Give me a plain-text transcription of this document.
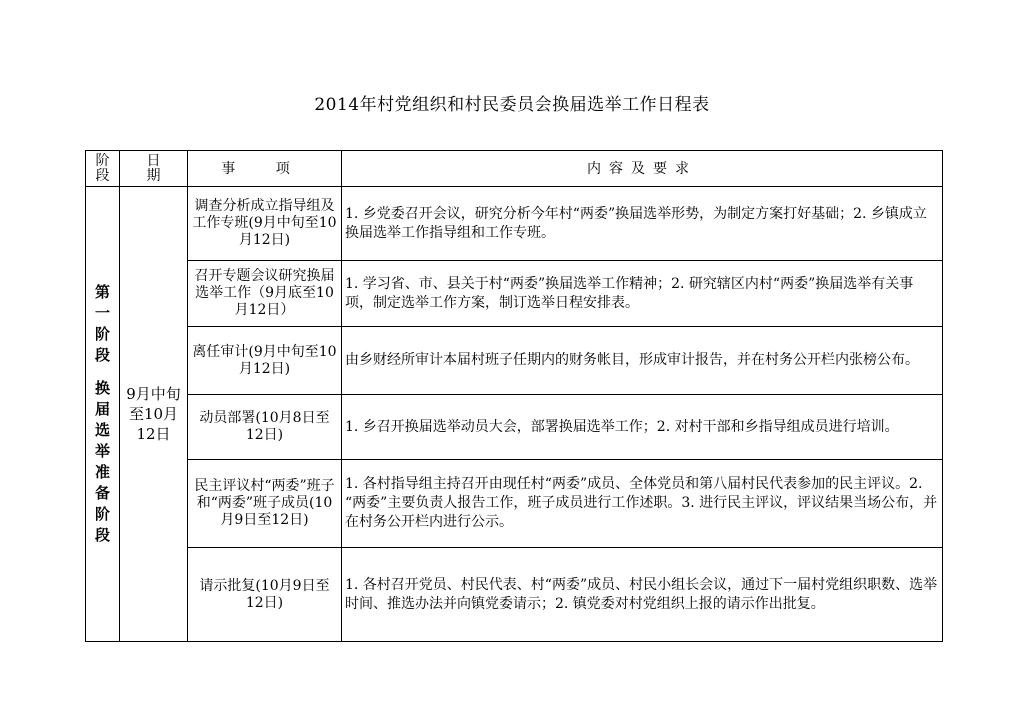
2014年村党组织和村民委员会换届选举工作日程表
阶段	日期	事 项	内容及要求

第一阶段
换届选举准备阶段	9月中旬至10月12日	调查分析成立指导组及工作专班(9月中旬至10月12日)	1. 乡党委召开会议，研究分析今年村“两委”换届选举形势，为制定方案打好基础；2. 乡镇成立换届选举工作指导组和工作专班。
		召开专题会议研究换届选举工作（9月底至10月12日）	1. 学习省、市、县关于村“两委”换届选举工作精神；2. 研究辖区内村“两委”换届选举有关事项，制定选举工作方案，制订选举日程安排表。
		离任审计(9月中旬至10月12日)	由乡财经所审计本届村班子任期内的财务帐目，形成审计报告，并在村务公开栏内张榜公布。
		动员部署(10月8日至12日)	1. 乡召开换届选举动员大会，部署换届选举工作；2. 对村干部和乡指导组成员进行培训。
		民主评议村“两委”班子和“两委”班子成员(10月9日至12日)	1. 各村指导组主持召开由现任村“两委”成员、全体党员和第八届村民代表参加的民主评议。2. “两委”主要负责人报告工作，班子成员进行工作述职。3. 进行民主评议，评议结果当场公布，并在村务公开栏内进行公示。
		请示批复(10月9日至12日)	1. 各村召开党员、村民代表、村“两委”成员、村民小组长会议，通过下一届村党组织职数、选举时间、推选办法并向镇党委请示；2. 镇党委对村党组织上报的请示作出批复。
